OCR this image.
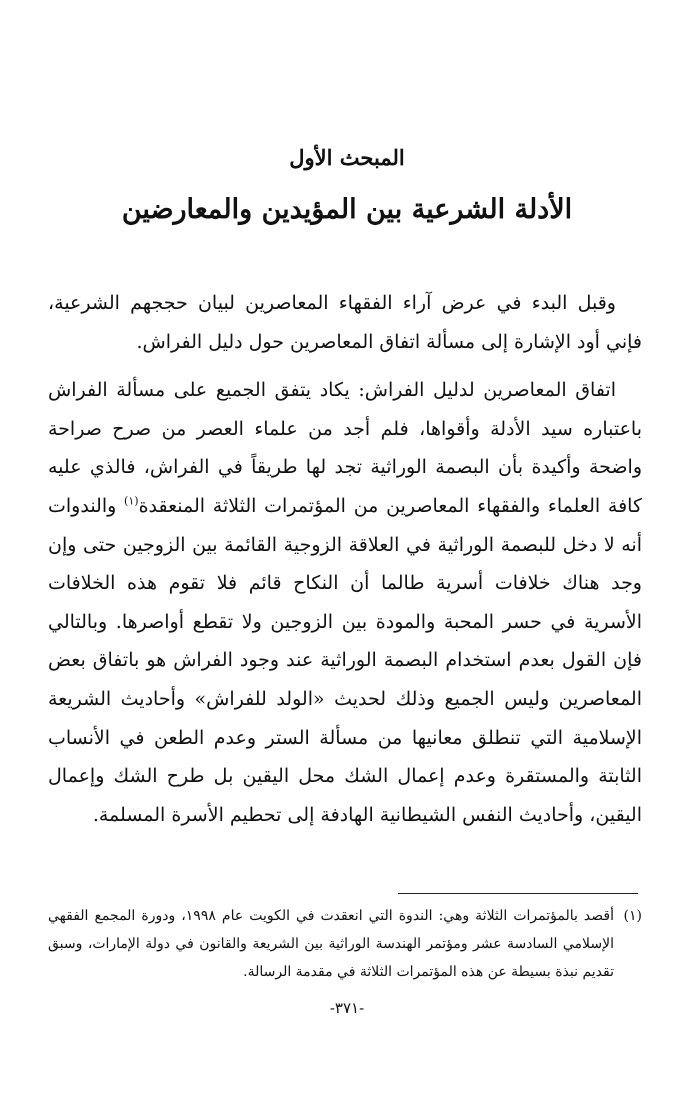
المبحث الأول
الأدلة الشرعية بين المؤيدين والمعارضين

وقبل البدء في عرض آراء الفقهاء المعاصرين لبيان حججهم الشرعية، فإني أود الإشارة إلى مسألة اتفاق المعاصرين حول دليل الفراش.

اتفاق المعاصرين لدليل الفراش: يكاد يتفق الجميع على مسألة الفراش باعتباره سيد الأدلة وأقواها، فلم أجد من علماء العصر من صرح صراحة واضحة وأكيدة بأن البصمة الوراثية تجد لها طريقاً في الفراش، فالذي عليه كافة العلماء والفقهاء المعاصرين من المؤتمرات الثلاثة المنعقدة$^{(١)}$ والندوات أنه لا دخل للبصمة الوراثية في العلاقة الزوجية القائمة بين الزوجين حتى وإن وجد هناك خلافات أسرية طالما أن النكاح قائم فلا تقوم هذه الخلافات الأسرية في حسر المحبة والمودة بين الزوجين ولا تقطع أواصرها. وبالتالي فإن القول بعدم استخدام البصمة الوراثية عند وجود الفراش هو باتفاق بعض المعاصرين وليس الجميع وذلك لحديث «الولد للفراش» وأحاديث الشريعة الإسلامية التي تنطلق معانيها من مسألة الستر وعدم الطعن في الأنساب الثابتة والمستقرة وعدم إعمال الشك محل اليقين بل طرح الشك وإعمال اليقين، وأحاديث النفس الشيطانية الهادفة إلى تحطيم الأسرة المسلمة.

(١)
أقصد بالمؤتمرات الثلاثة وهي: الندوة التي انعقدت في الكويت عام ١٩٩٨، ودورة المجمع الفقهي الإسلامي السادسة عشر ومؤتمر الهندسة الوراثية بين الشريعة والقانون في دولة الإمارات، وسبق تقديم نبذة بسيطة عن هذه المؤتمرات الثلاثة في مقدمة الرسالة.
-٣٧١-
